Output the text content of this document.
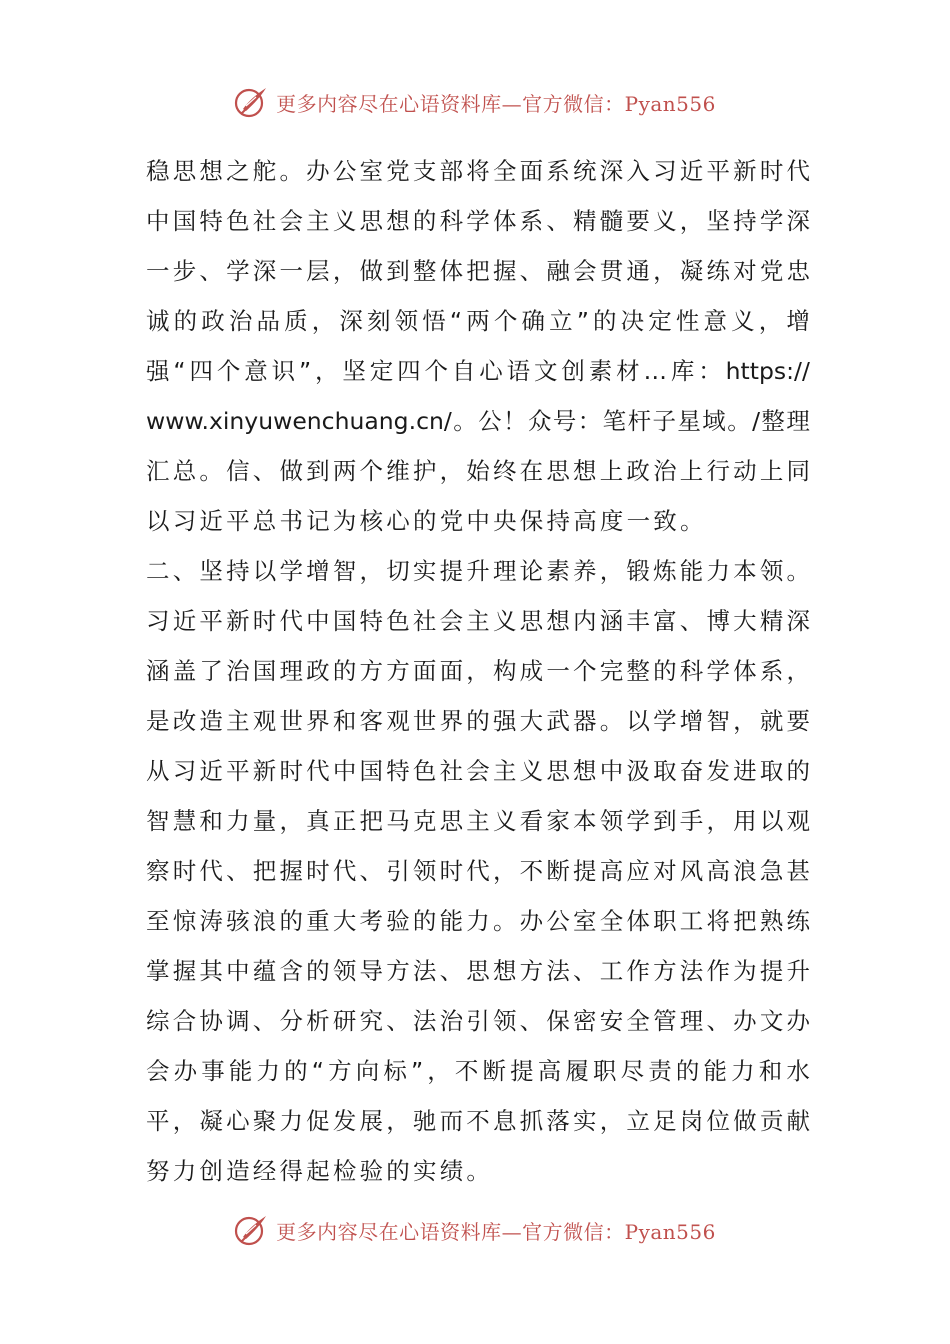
更多内容尽在心语资料库—官方微信：Pyan556
稳 思 想 之 舵 。 办 公 室 党 支 部 将 全 面 系 统 深 入 习 近 平 新 时 代
中 国 特 色 社 会 主 义 思 想 的 科 学 体 系 、 精 髓 要 义 ， 坚 持 学 深
一 步 、 学 深 一 层 ， 做 到 整 体 把 握 、 融 会 贯 通 ， 凝 练 对 党 忠
诚 的 政 治 品 质 ， 深 刻 领 悟 “ 两 个 确 立 ” 的 决 定 性 意 义 ， 增
强 “ 四 个 意 识 ” ， 坚 定 四 个 自 心 语 文 创 素 材 … 库 ： https://
www.xinyuwenchuang.cn/ 。 公 ！ 众 号 ： 笔 杆 子 星 域 。 / 整 理
汇 总 。 信 、 做 到 两 个 维 护 ， 始 终 在 思 想 上 政 治 上 行 动 上 同
以习近平总书记为核心的党中央保持高度一致。
二 、 坚 持 以 学 增 智 ， 切 实 提 升 理 论 素 养 ， 锻 炼 能 力 本 领 。
习 近 平 新 时 代 中 国 特 色 社 会 主 义 思 想 内 涵 丰 富 、 博 大 精 深
涵 盖 了 治 国 理 政 的 方 方 面 面 ， 构 成 一 个 完 整 的 科 学 体 系 ，
是 改 造 主 观 世 界 和 客 观 世 界 的 强 大 武 器 。 以 学 增 智 ， 就 要
从 习 近 平 新 时 代 中 国 特 色 社 会 主 义 思 想 中 汲 取 奋 发 进 取 的
智 慧 和 力 量 ， 真 正 把 马 克 思 主 义 看 家 本 领 学 到 手 ， 用 以 观
察 时 代 、 把 握 时 代 、 引 领 时 代 ， 不 断 提 高 应 对 风 高 浪 急 甚
至 惊 涛 骇 浪 的 重 大 考 验 的 能 力 。 办 公 室 全 体 职 工 将 把 熟 练
掌 握 其 中 蕴 含 的 领 导 方 法 、 思 想 方 法 、 工 作 方 法 作 为 提 升
综 合 协 调 、 分 析 研 究 、 法 治 引 领 、 保 密 安 全 管 理 、 办 文 办
会 办 事 能 力 的 “ 方 向 标 ” ， 不 断 提 高 履 职 尽 责 的 能 力 和 水
平 ， 凝 心 聚 力 促 发 展 ， 驰 而 不 息 抓 落 实 ， 立 足 岗 位 做 贡 献
努力创造经得起检验的实绩。
更多内容尽在心语资料库—官方微信：Pyan556
